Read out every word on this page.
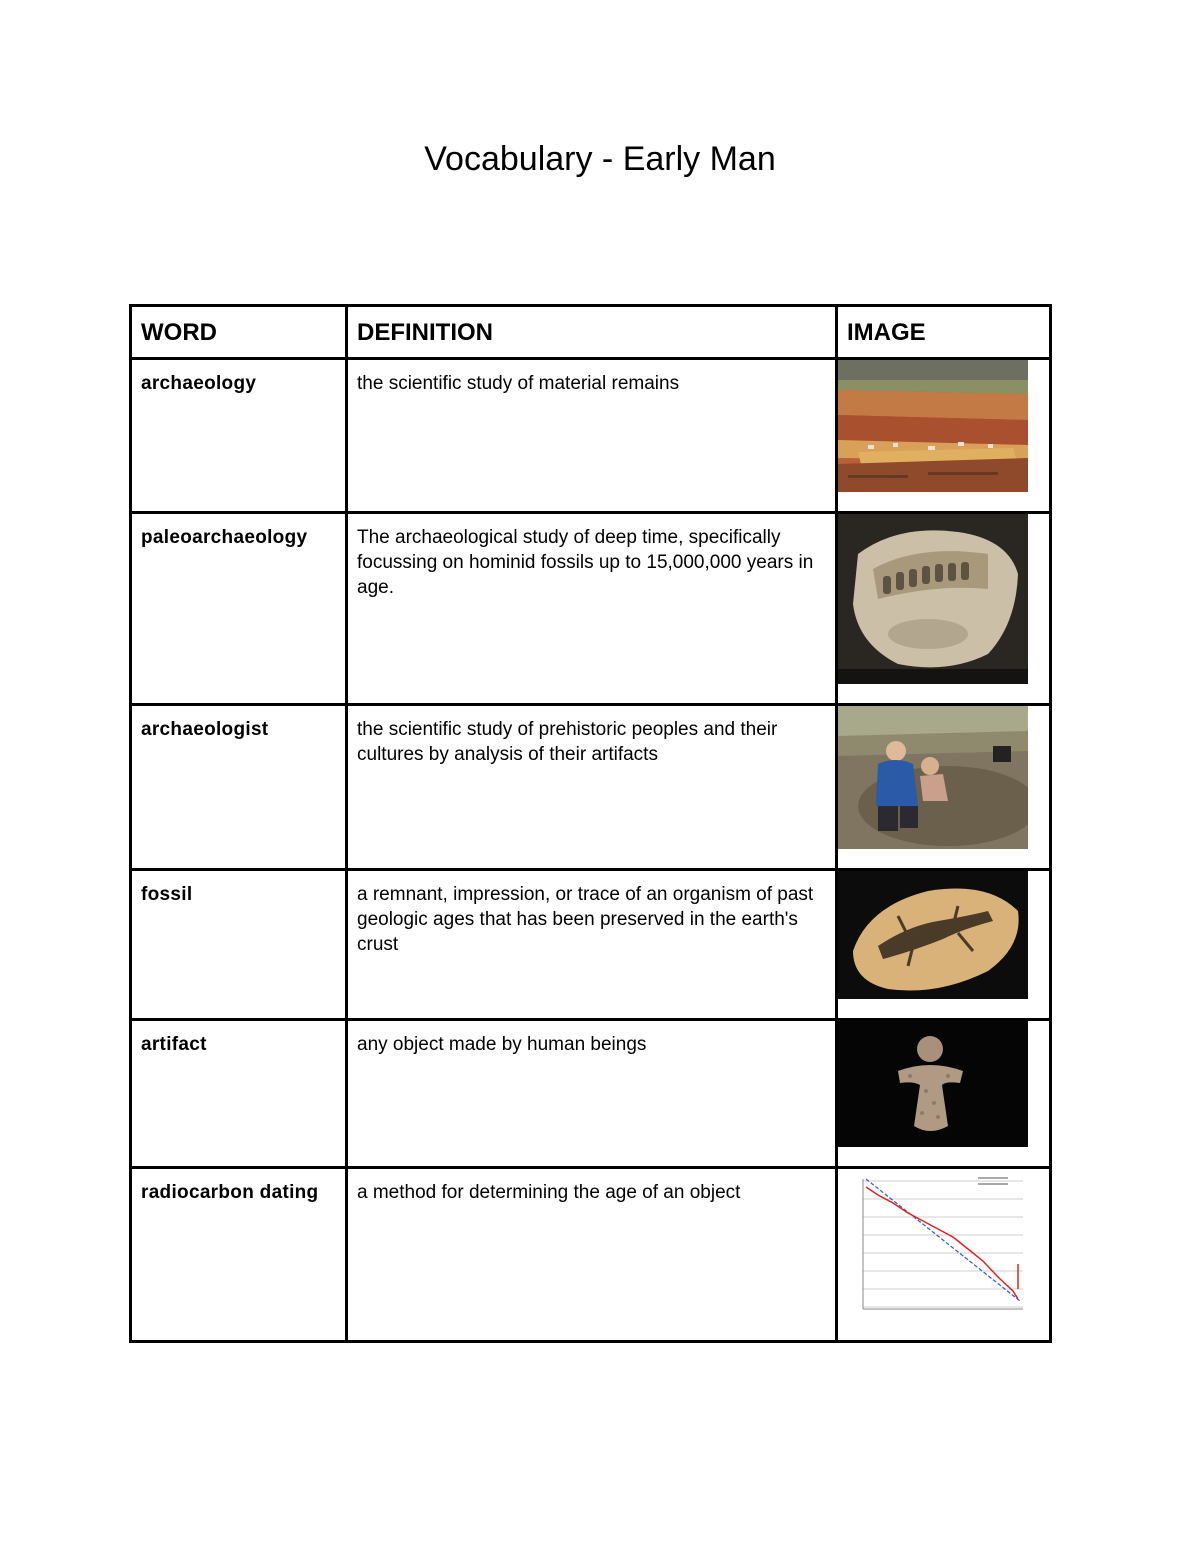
Vocabulary - Early Man
WORD	DEFINITION	IMAGE

archaeology	the scientific study of material remains

paleoarchaeology	The archaeological study of deep time, specifically focussing on hominid fossils up to 15,000,000 years in age.

archaeologist	the scientific study of prehistoric peoples and their cultures by analysis of their artifacts

fossil	a remnant, impression, or trace of an organism of past geologic ages that has been preserved in the earth's crust

artifact	any object made by human beings

radiocarbon dating	a method for determining the age of an object
